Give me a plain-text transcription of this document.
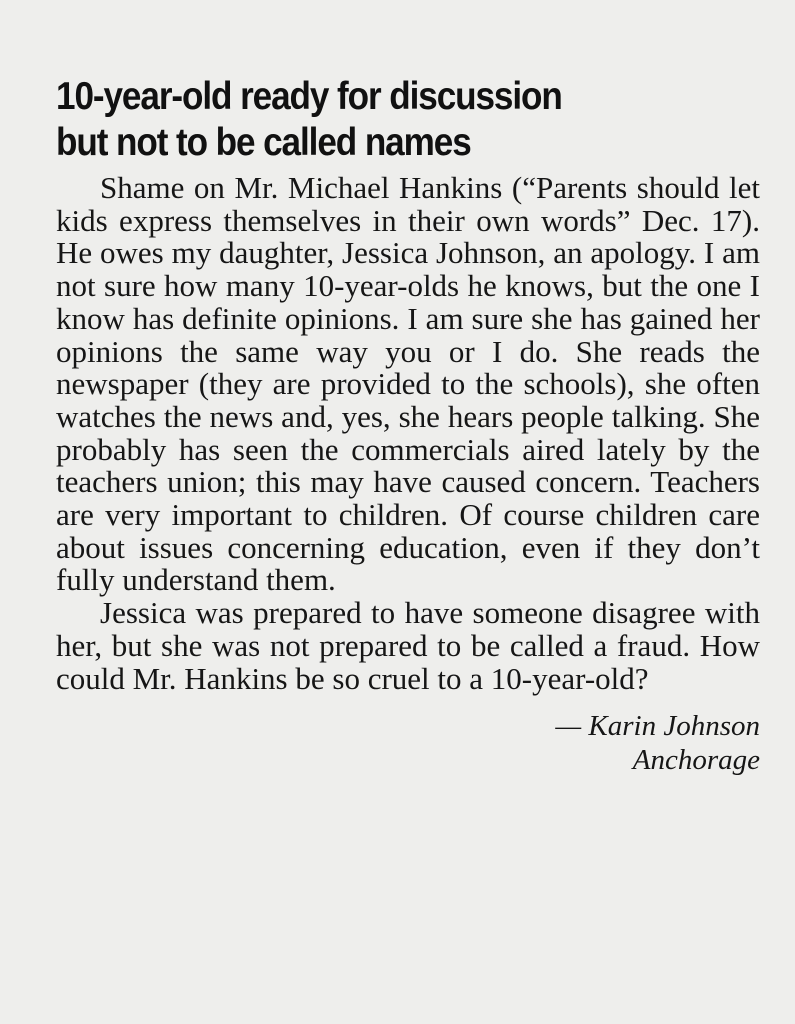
10-year-old ready for discussion
but not to be called names

Shame on Mr. Michael Hankins (“Parents should let kids express themselves in their own words” Dec. 17). He owes my daughter, Jessica Johnson, an apology. I am not sure how many 10-year-olds he knows, but the one I know has definite opinions. I am sure she has gained her opinions the same way you or I do. She reads the newspaper (they are provided to the schools), she often watches the news and, yes, she hears people talking. She probably has seen the commercials aired lately by the teachers union; this may have caused concern. Teachers are very important to children. Of course children care about issues concerning education, even if they don’t fully understand them.

Jessica was prepared to have someone disagree with her, but she was not prepared to be called a fraud. How could Mr. Hankins be so cruel to a 10-year-old?

— Karin Johnson
Anchorage
